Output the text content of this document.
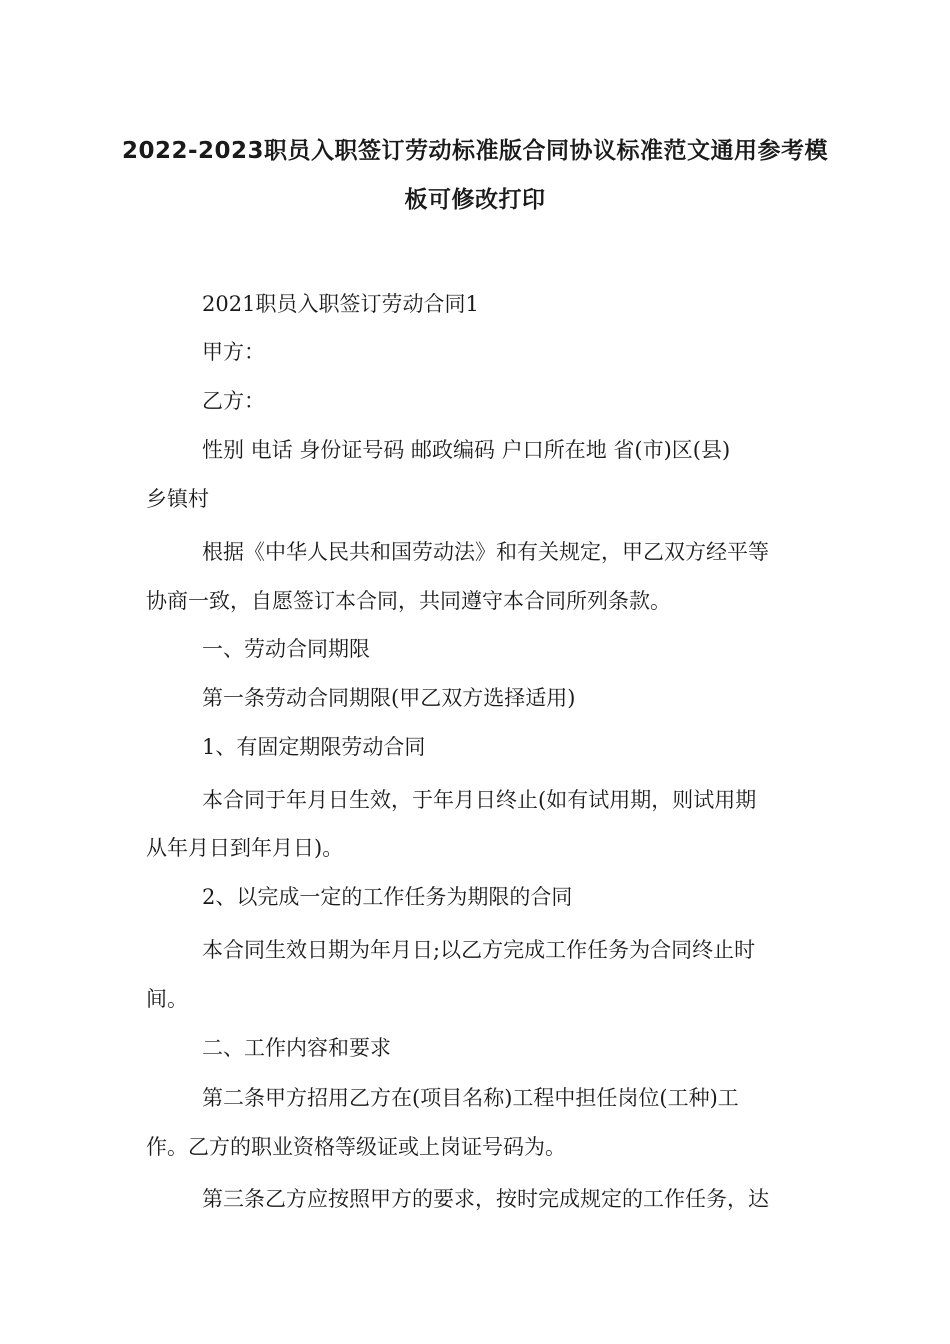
2022-2023职员入职签订劳动标准版合同协议标准范文通用参考模
板可修改打印
2021职员入职签订劳动合同1
甲方：
乙方：
性别 电话 身份证号码 邮政编码 户口所在地 省(市)区(县)
乡镇村
根据《中华人民共和国劳动法》和有关规定，甲乙双方经平等
协商一致，自愿签订本合同，共同遵守本合同所列条款。
一、劳动合同期限
第一条劳动合同期限(甲乙双方选择适用)
1、有固定期限劳动合同
本合同于年月日生效，于年月日终止(如有试用期，则试用期
从年月日到年月日)。
2、以完成一定的工作任务为期限的合同
本合同生效日期为年月日;以乙方完成工作任务为合同终止时
间。
二、工作内容和要求
第二条甲方招用乙方在(项目名称)工程中担任岗位(工种)工
作。乙方的职业资格等级证或上岗证号码为。
第三条乙方应按照甲方的要求，按时完成规定的工作任务，达
